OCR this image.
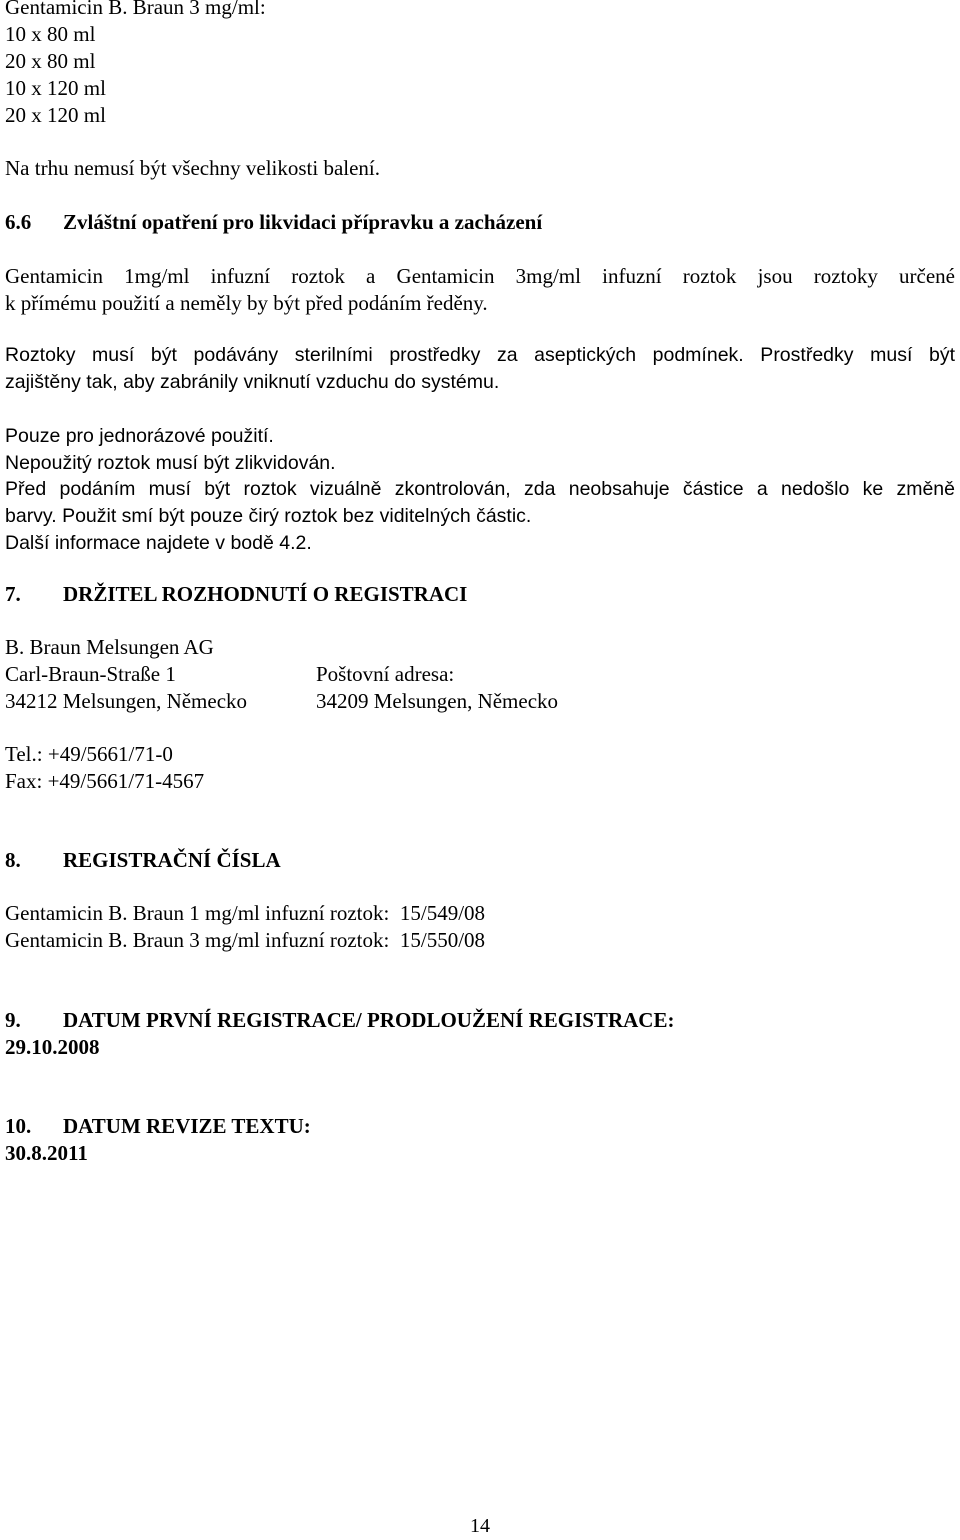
Gentamicin B. Braun 3 mg/ml:
10 x 80 ml
20 x 80 ml
10 x 120 ml
20 x 120 ml
Na trhu nemusí být všechny velikosti balení.
6.6 Zvláštní opatření pro likvidaci přípravku a zacházení
Gentamicin 1mg/ml infuzní roztok a Gentamicin 3mg/ml infuzní roztok jsou roztoky určené
k přímému použití a neměly by být před podáním ředěny.
Roztoky musí být podávány sterilními prostředky za aseptických podmínek. Prostředky musí být
zajištěny tak, aby zabránily vniknutí vzduchu do systému.
Pouze pro jednorázové použití.
Nepoužitý roztok musí být zlikvidován.
Před podáním musí být roztok vizuálně zkontrolován, zda neobsahuje částice a nedošlo ke změně
barvy. Použit smí být pouze čirý roztok bez viditelných částic.
Další informace najdete v bodě 4.2.
7. DRŽITEL ROZHODNUTÍ O REGISTRACI
B. Braun Melsungen AG
Carl-Braun-Straße 1
34212 Melsungen, Německo
Poštovní adresa:
34209 Melsungen, Německo
Tel.: +49/5661/71-0
Fax: +49/5661/71-4567
8. REGISTRAČNÍ ČÍSLA
Gentamicin B. Braun 1 mg/ml infuzní roztok: 15/549/08
Gentamicin B. Braun 3 mg/ml infuzní roztok: 15/550/08
9. DATUM PRVNÍ REGISTRACE/ PRODLOUŽENÍ REGISTRACE:
29.10.2008
10. DATUM REVIZE TEXTU:
30.8.2011
14
